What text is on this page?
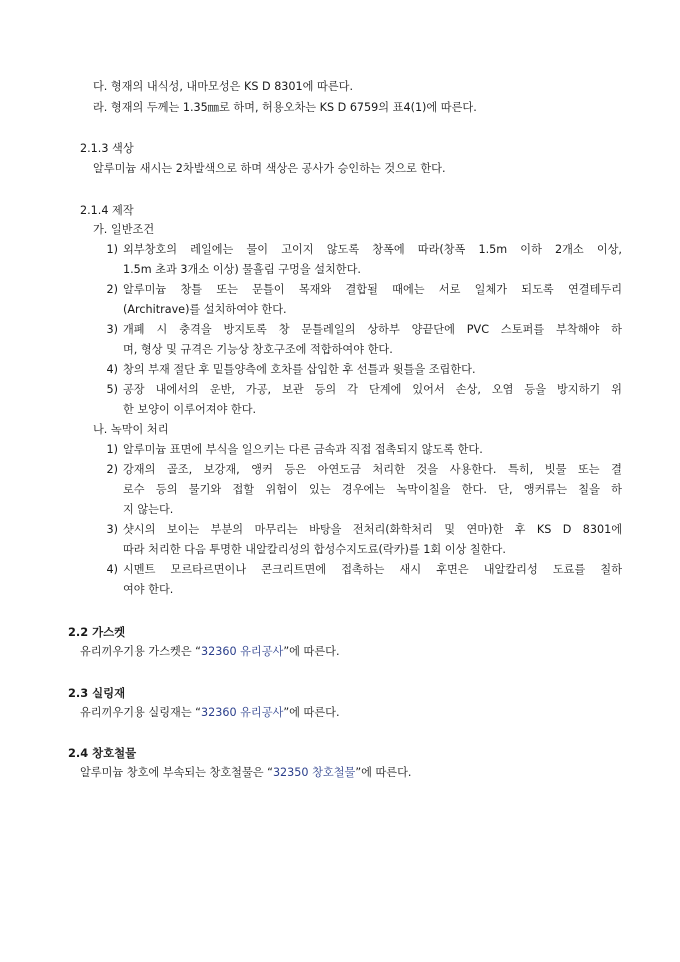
다. 형재의 내식성, 내마모성은 KS D 8301에 따른다.
라. 형재의 두께는 1.35㎜로 하며, 허용오차는 KS D 6759의 표4(1)에 따른다.
2.1.3 색상
알루미늄 새시는 2차발색으로 하며 색상은 공사가 승인하는 것으로 한다.
2.1.4 제작
가. 일반조건
1) 외부창호의 레일에는 물이 고이지 않도록 창폭에 따라(창폭 1.5m 이하 2개소 이상,
1.5m 초과 3개소 이상) 물흘림 구멍을 설치한다.
2) 알루미늄 창틀 또는 문틀이 목재와 결합될 때에는 서로 일체가 되도록 연결테두리
(Architrave)를 설치하여야 한다.
3) 개폐 시 충격을 방지토록 창 문틀레일의 상하부 양끝단에 PVC 스토퍼를 부착해야 하
며, 형상 및 규격은 기능상 창호구조에 적합하여야 한다.
4) 창의 부재 절단 후 밑틀양측에 호차를 삽입한 후 선틀과 윗틀을 조립한다.
5) 공장 내에서의 운반, 가공, 보관 등의 각 단계에 있어서 손상, 오염 등을 방지하기 위
한 보양이 이루어져야 한다.
나. 녹막이 처리
1) 알루미늄 표면에 부식을 일으키는 다른 금속과 직접 접촉되지 않도록 한다.
2) 강재의 골조, 보강재, 앵커 등은 아연도금 처리한 것을 사용한다. 특히, 빗물 또는 결
로수 등의 물기와 접할 위험이 있는 경우에는 녹막이칠을 한다. 단, 앵커류는 칠을 하
지 않는다.
3) 샷시의 보이는 부분의 마무리는 바탕을 전처리(화학처리 및 연마)한 후 KS D 8301에
따라 처리한 다음 투명한 내알칼리성의 합성수지도료(락카)를 1회 이상 칠한다.
4) 시멘트 모르타르면이나 콘크리트면에 접촉하는 새시 후면은 내알칼리성 도료를 칠하
여야 한다.
2.2 가스켓
유리끼우기용 가스켓은 “32360 유리공사”에 따른다.
2.3 실링재
유리끼우기용 실링재는 “32360 유리공사”에 따른다.
2.4 창호철물
알루미늄 창호에 부속되는 창호철물은 “32350 창호철물”에 따른다.
